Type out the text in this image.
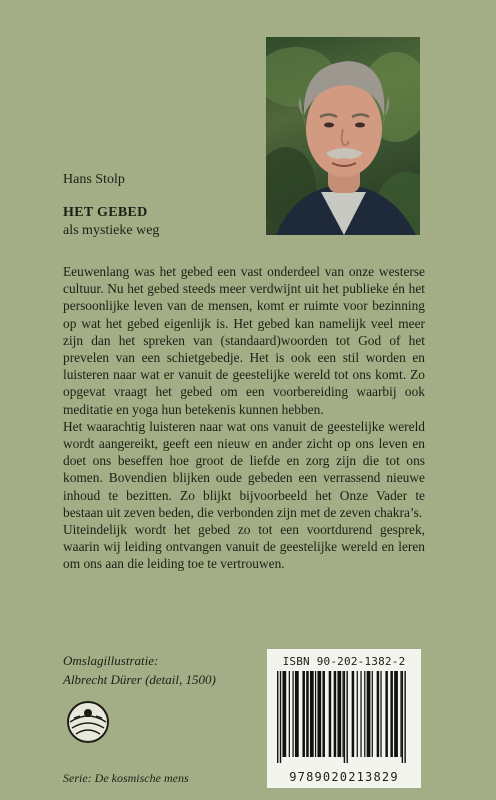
Hans Stolp
HET GEBED
als mystieke weg

Eeuwenlang was het gebed een vast onderdeel van onze westerse cultuur. Nu het gebed steeds meer verdwijnt uit het publieke én het persoonlijke leven van de mensen, komt er ruimte voor bezinning op wat het gebed eigenlijk is. Het gebed kan namelijk veel meer zijn dan het spreken van (standaard)woorden tot God of het prevelen van een schietgebedje. Het is ook een stil worden en luisteren naar wat er vanuit de geestelijke wereld tot ons komt. Zo opgevat vraagt het gebed om een voorbereiding waarbij ook meditatie en yoga hun betekenis kunnen hebben.

Het waarachtig luisteren naar wat ons vanuit de geestelijke wereld wordt aangereikt, geeft een nieuw en ander zicht op ons leven en doet ons beseffen hoe groot de liefde en zorg zijn die tot ons komen. Bovendien blijken oude gebeden een verrassend nieuwe inhoud te bezitten. Zo blijkt bijvoorbeeld het Onze Vader te bestaan uit zeven beden, die verbonden zijn met de zeven chakra’s.

Uiteindelijk wordt het gebed zo tot een voortdurend gesprek, waarin wij leiding ontvangen vanuit de geestelijke wereld en leren om ons aan die leiding toe te vertrouwen.

Omslagillustratie:
Albrecht Dürer (detail, 1500)
Serie: De kosmische mens
ISBN 90-202-1382-2
9789020213829
